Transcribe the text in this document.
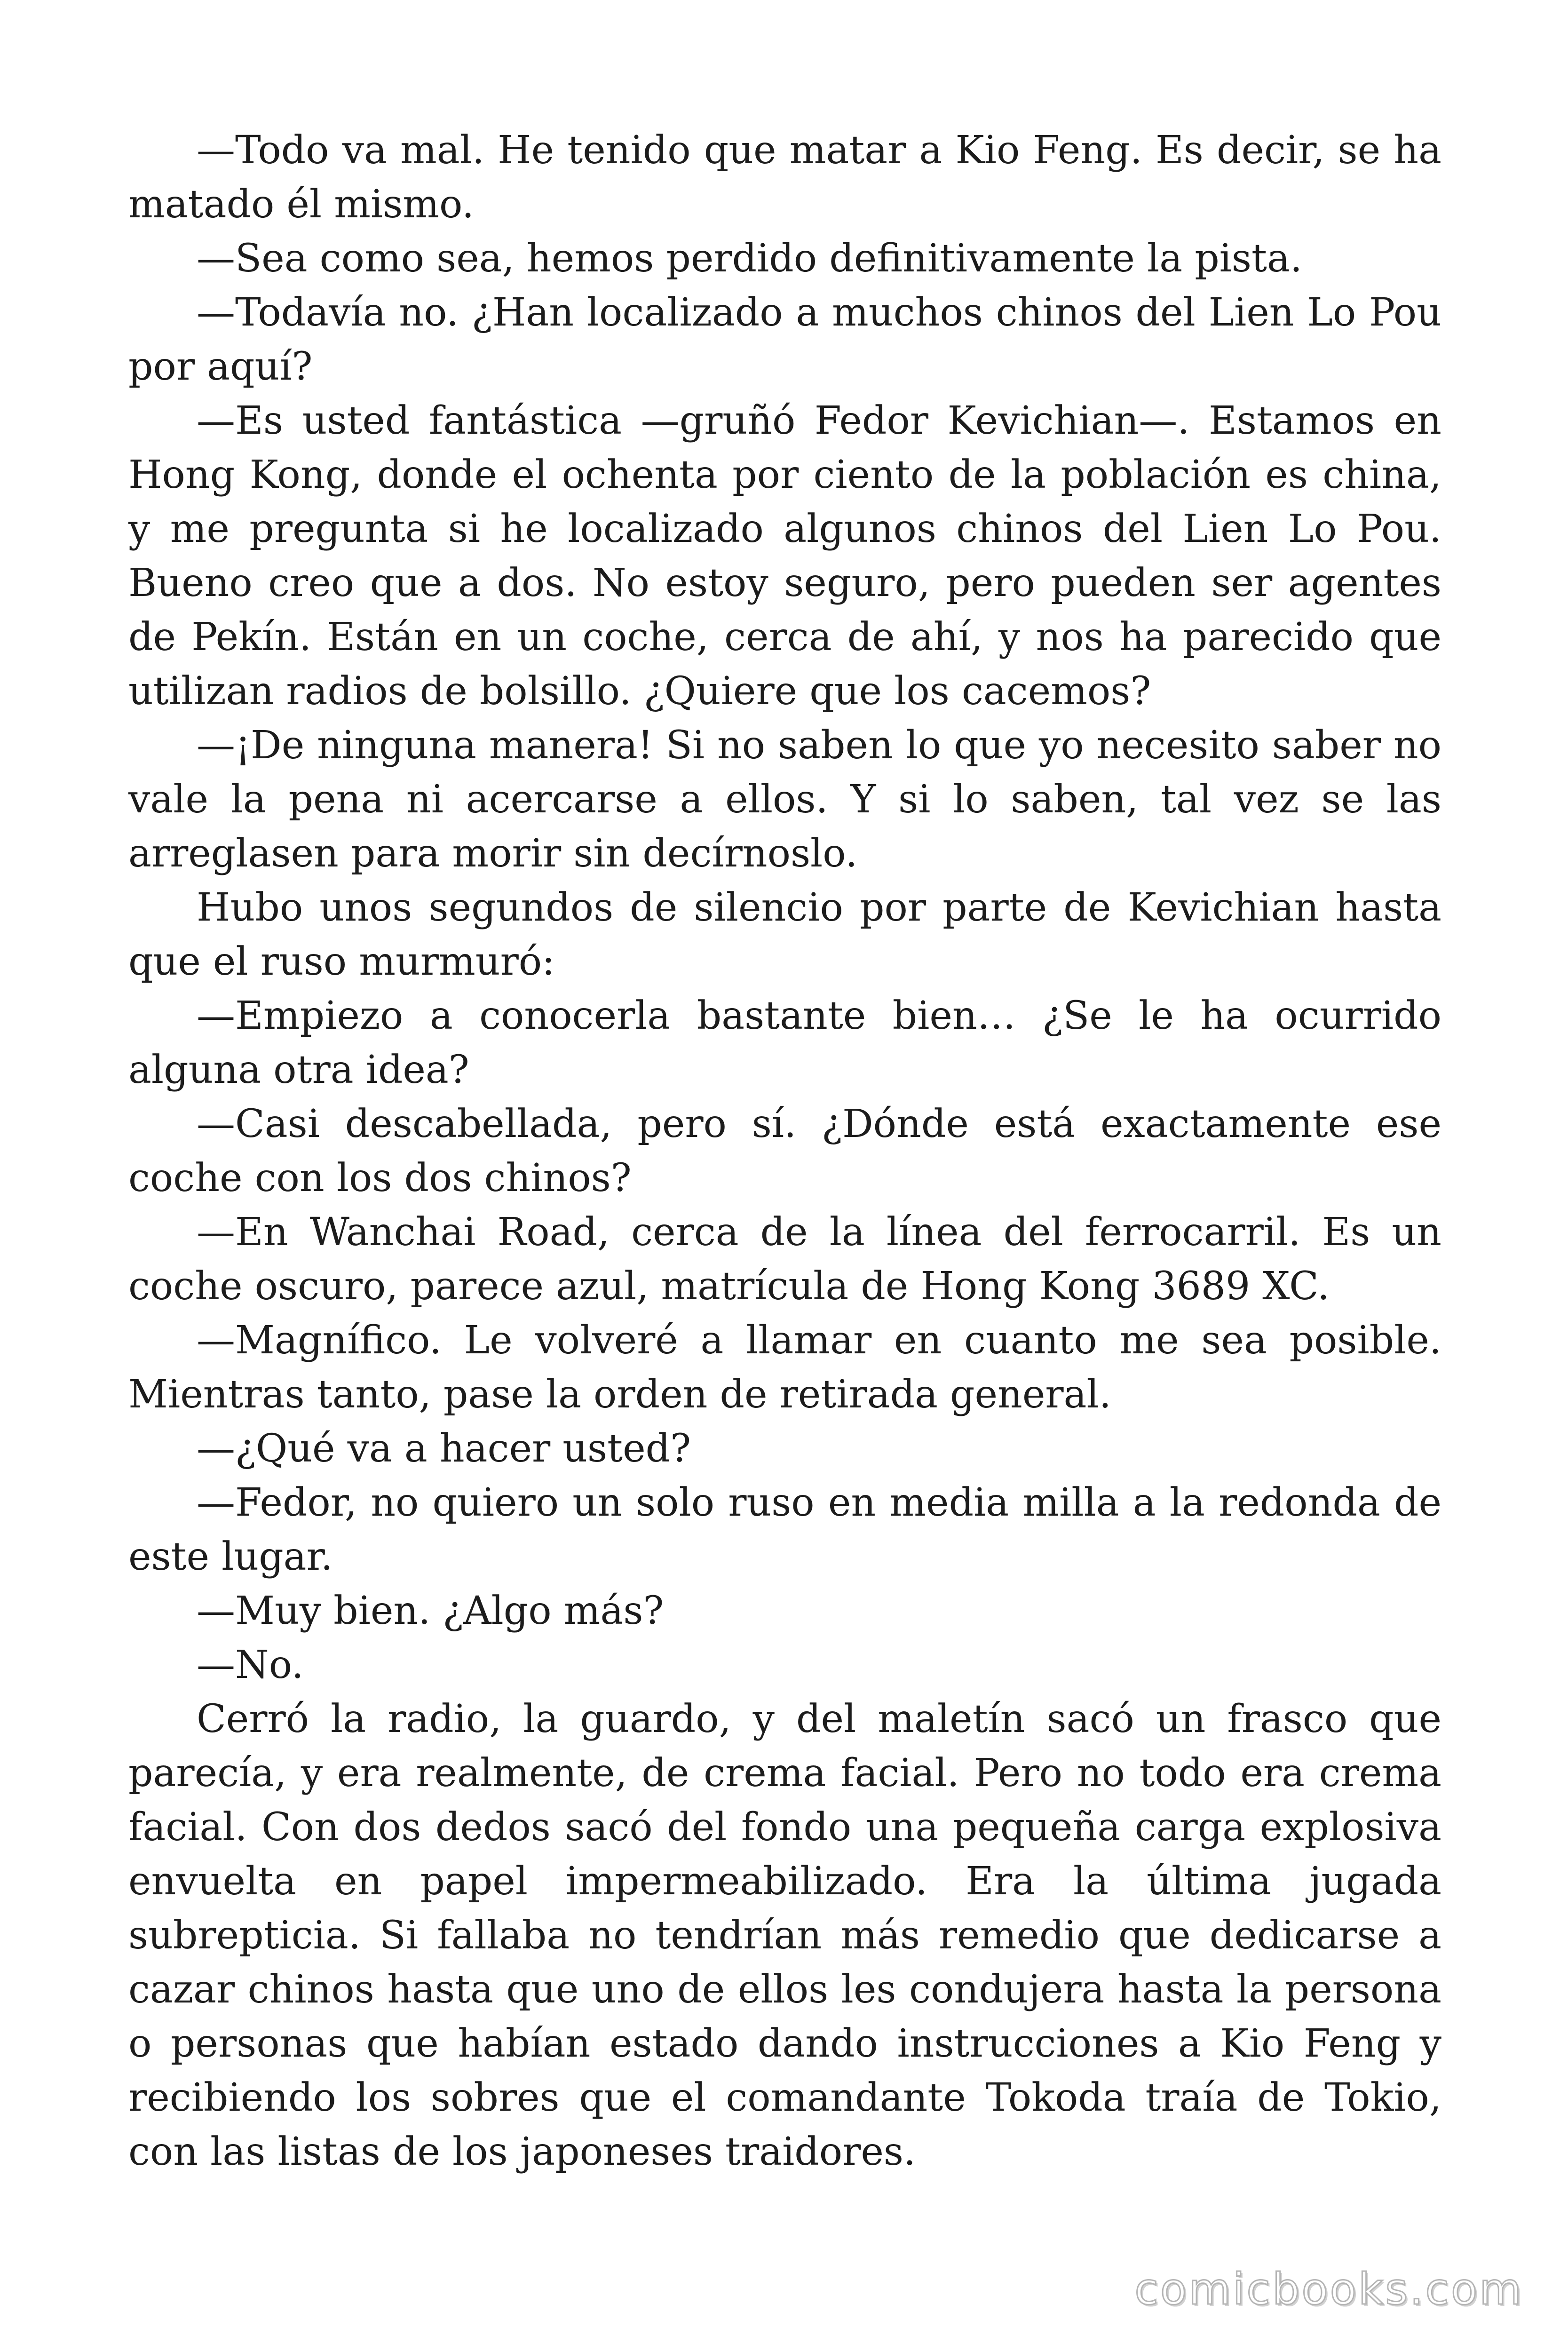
—Todo va mal. He tenido que matar a Kio Feng. Es decir, se ha matado él mismo.

—Sea como sea, hemos perdido definitivamente la pista.

—Todavía no. ¿Han localizado a muchos chinos del Lien Lo Pou por aquí?

—Es usted fantástica —gruñó Fedor Kevichian—. Estamos en Hong Kong, donde el ochenta por ciento de la población es china, y me pregunta si he localizado algunos chinos del Lien Lo Pou. Bueno creo que a dos. No estoy seguro, pero pueden ser agentes de Pekín. Están en un coche, cerca de ahí, y nos ha parecido que utilizan radios de bolsillo. ¿Quiere que los cacemos?

—¡De ninguna manera! Si no saben lo que yo necesito saber no vale la pena ni acercarse a ellos. Y si lo saben, tal vez se las arreglasen para morir sin decírnoslo.

Hubo unos segundos de silencio por parte de Kevichian hasta que el ruso murmuró:

—Empiezo a conocerla bastante bien… ¿Se le ha ocurrido alguna otra idea?

—Casi descabellada, pero sí. ¿Dónde está exactamente ese coche con los dos chinos?

—En Wanchai Road, cerca de la línea del ferrocarril. Es un coche oscuro, parece azul, matrícula de Hong Kong 3689 XC.

—Magnífico. Le volveré a llamar en cuanto me sea posible. Mientras tanto, pase la orden de retirada general.

—¿Qué va a hacer usted?

—Fedor, no quiero un solo ruso en media milla a la redonda de este lugar.

—Muy bien. ¿Algo más?

—No.

Cerró la radio, la guardo, y del maletín sacó un frasco que parecía, y era realmente, de crema facial. Pero no todo era crema facial. Con dos dedos sacó del fondo una pequeña carga explosiva envuelta en papel impermeabilizado. Era la última jugada subrepticia. Si fallaba no tendrían más remedio que dedicarse a cazar chinos hasta que uno de ellos les condujera hasta la persona o personas que habían estado dando instrucciones a Kio Feng y recibiendo los sobres que el comandante Tokoda traía de Tokio, con las listas de los japoneses traidores.

comicbooks.com
